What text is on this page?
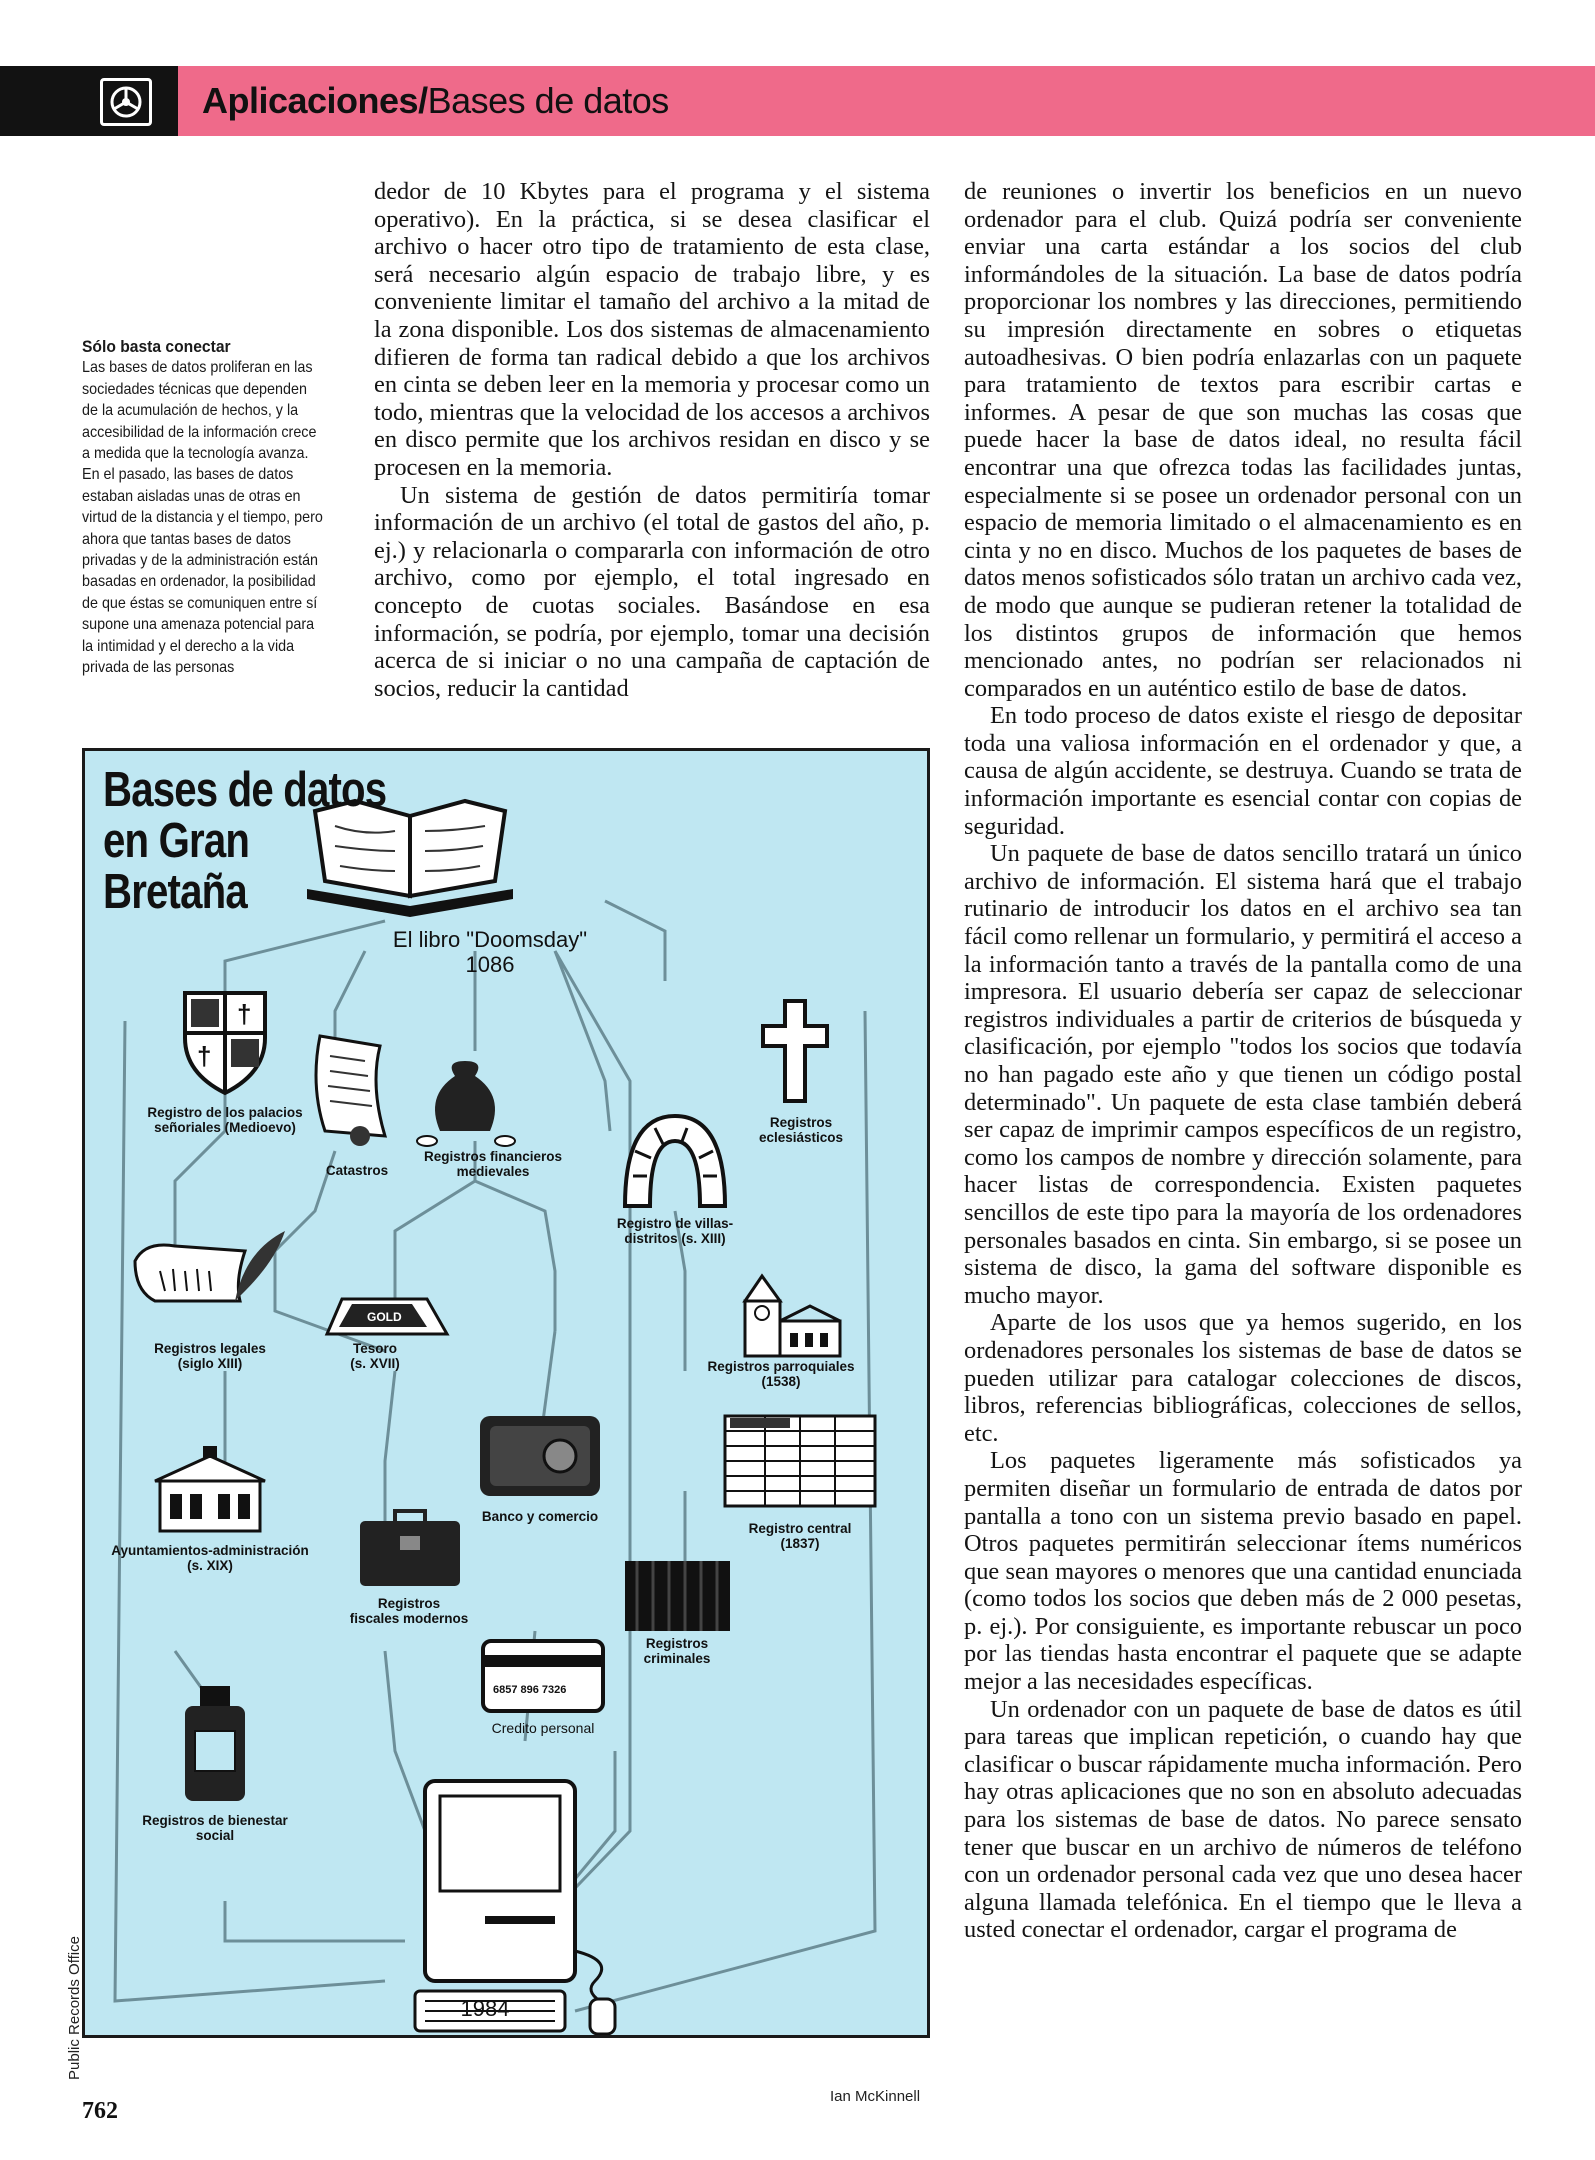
Aplicaciones/Bases de datos
Sólo basta conectar
Las bases de datos proliferan en las sociedades técnicas que dependen de la acumulación de hechos, y la accesibilidad de la información crece a medida que la tecnología avanza. En el pasado, las bases de datos estaban aisladas unas de otras en virtud de la distancia y el tiempo, pero ahora que tantas bases de datos privadas y de la administración están basadas en ordenador, la posibilidad de que éstas se comuniquen entre sí supone una amenaza potencial para la intimidad y el derecho a la vida privada de las personas

dedor de 10 Kbytes para el programa y el sistema operativo). En la práctica, si se desea clasificar el archivo o hacer otro tipo de tratamiento de esta clase, será necesario algún espacio de trabajo libre, y es conveniente limitar el tamaño del archivo a la mitad de la zona disponible. Los dos sistemas de almacenamiento difieren de forma tan radical debido a que los archivos en cinta se deben leer en la memoria y procesar como un todo, mientras que la velocidad de los accesos a archivos en disco permite que los archivos residan en disco y se procesen en la memoria.

Un sistema de gestión de datos permitiría tomar información de un archivo (el total de gastos del año, p. ej.) y relacionarla o compararla con información de otro archivo, como por ejemplo, el total ingresado en concepto de cuotas sociales. Basándose en esa información, se podría, por ejemplo, tomar una decisión acerca de si iniciar o no una campaña de captación de socios, reducir la cantidad

de reuniones o invertir los beneficios en un nuevo ordenador para el club. Quizá podría ser conveniente enviar una carta estándar a los socios del club informándoles de la situación. La base de datos podría proporcionar los nombres y las direcciones, permitiendo su impresión directamente en sobres o etiquetas autoadhesivas. O bien podría enlazarlas con un paquete para tratamiento de textos para escribir cartas e informes. A pesar de que son muchas las cosas que puede hacer la base de datos ideal, no resulta fácil encontrar una que ofrezca todas las facilidades juntas, especialmente si se posee un ordenador personal con un espacio de memoria limitado o el almacenamiento es en cinta y no en disco. Muchos de los paquetes de bases de datos menos sofisticados sólo tratan un archivo cada vez, de modo que aunque se pudieran retener la totalidad de los distintos grupos de información que hemos mencionado antes, no podrían ser relacionados ni comparados en un auténtico estilo de base de datos.

En todo proceso de datos existe el riesgo de depositar toda una valiosa información en el ordenador y que, a causa de algún accidente, se destruya. Cuando se trata de información importante es esencial contar con copias de seguridad.

Un paquete de base de datos sencillo tratará un único archivo de información. El sistema hará que el trabajo rutinario de introducir los datos en el archivo sea tan fácil como rellenar un formulario, y permitirá el acceso a la información tanto a través de la pantalla como de una impresora. El usuario debería ser capaz de seleccionar registros individuales a partir de criterios de búsqueda y clasificación, por ejemplo "todos los socios que todavía no han pagado este año y que tienen un código postal determinado". Un paquete de esta clase también deberá ser capaz de imprimir campos específicos de un registro, como los campos de nombre y dirección solamente, para hacer listas de correspondencia. Existen paquetes sencillos de este tipo para la mayoría de los ordenadores personales basados en cinta. Sin embargo, si se posee un sistema de disco, la gama del software disponible es mucho mayor.

Aparte de los usos que ya hemos sugerido, en los ordenadores personales los sistemas de base de datos se pueden utilizar para catalogar colecciones de discos, libros, referencias bibliográficas, colecciones de sellos, etc.

Los paquetes ligeramente más sofisticados ya permiten diseñar un formulario de entrada de datos por pantalla a tono con un sistema previo basado en papel. Otros paquetes permitirán seleccionar ítems numéricos que sean mayores o menores que una cantidad enunciada (como todos los socios que deben más de 2 000 pesetas, p. ej.). Por consiguiente, es importante rebuscar un poco por las tiendas hasta encontrar el paquete que se adapte mejor a las necesidades específicas.

Un ordenador con un paquete de base de datos es útil para tareas que implican repetición, o cuando hay que clasificar o buscar rápidamente mucha información. Pero hay otras aplicaciones que no son en absoluto adecuadas para los sistemas de base de datos. No parece sensato tener que buscar en un archivo de números de teléfono con un ordenador personal cada vez que uno desea hacer alguna llamada telefónica. En el tiempo que le lleva a usted conectar el ordenador, cargar el programa de

†
†
GOLD
6857 896 7326
Bases de datos
en Gran
Bretaña
El libro "Doomsday"
1086
Registro de los palacios
señoriales (Medioevo)
Catastros
Registros financieros
medievales
Registro de villas-
distritos (s. XIII)
Registros
eclesiásticos
Registros legales
(siglo XIII)
Tesoro
(s. XVII)	Registros parroquiales
(1538)
Banco y comercio
Registro central
(1837)
Ayuntamientos-administración
(s. XIX)
Registros
fiscales modernos
Registros
criminales
Credito personal
Registros de bienestar
social
1984
Public Records Office
762
Ian McKinnell
